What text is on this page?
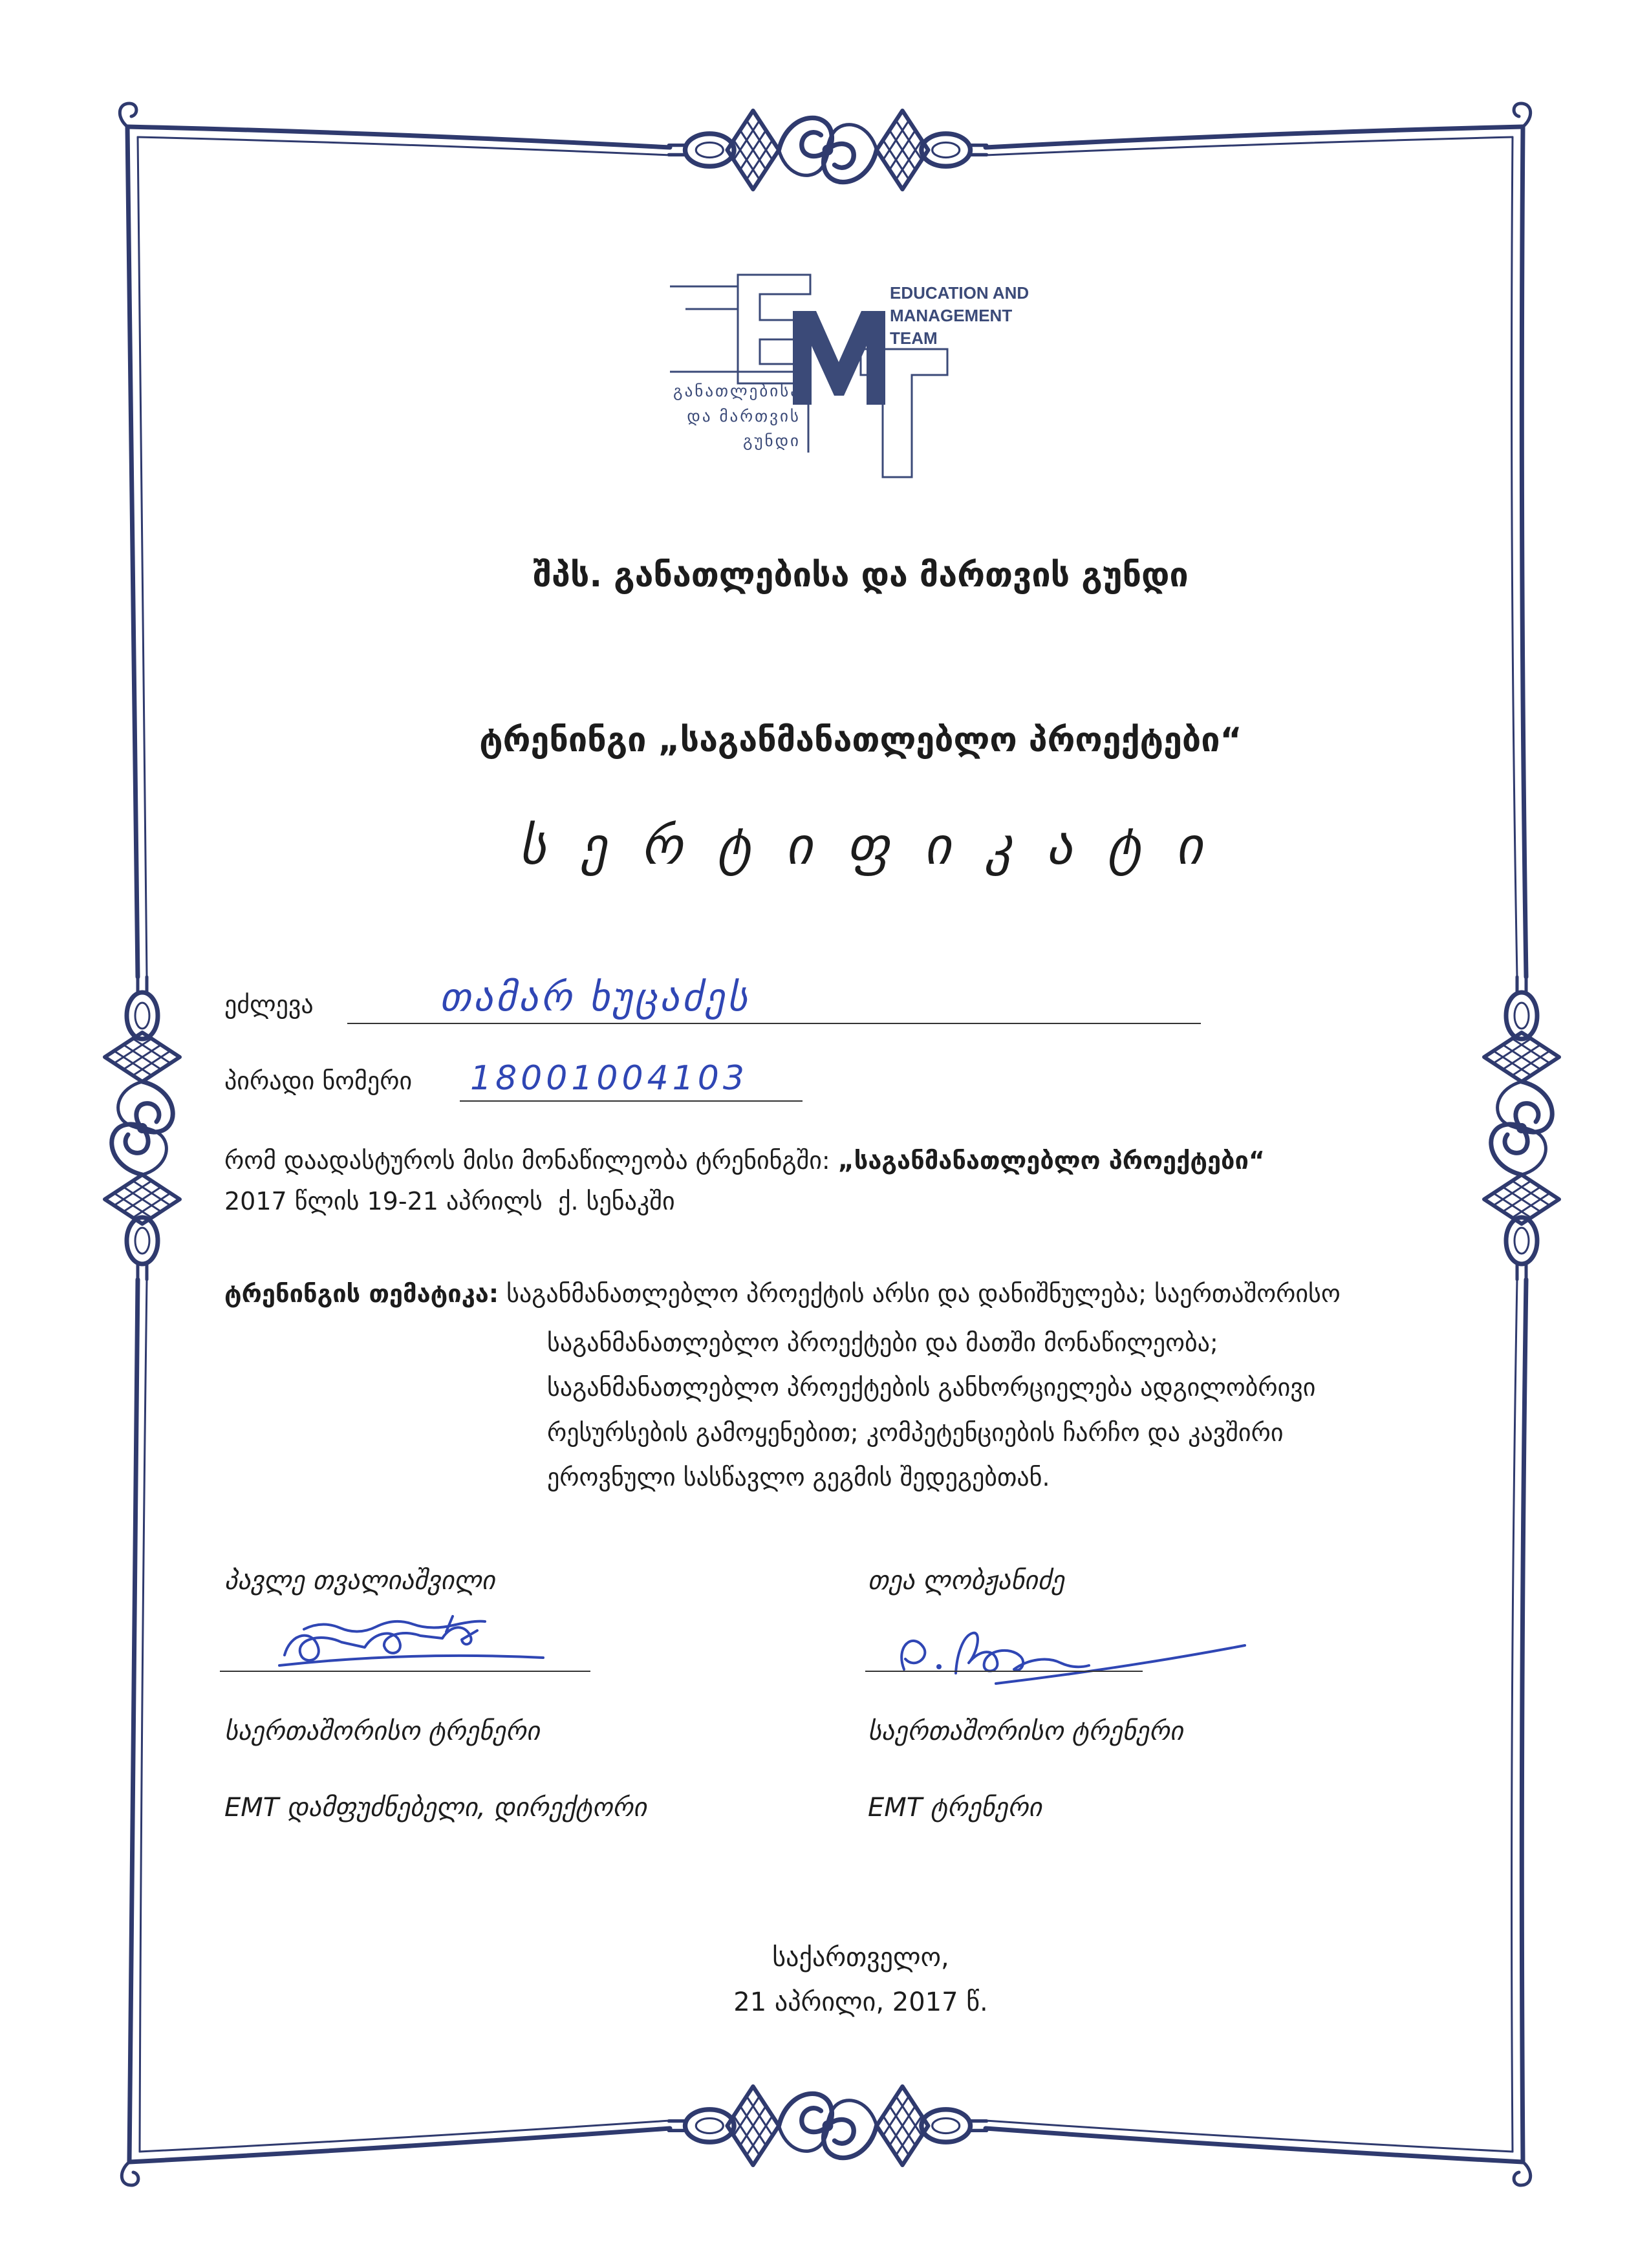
EDUCATION AND
MANAGEMENT
TEAM
განათლებისა
და მართვის
გუნდი
შპს. განათლებისა და მართვის გუნდი
ტრენინგი „საგანმანათლებლო პროექტები“
ს ე რ ტ ი ფ ი კ ა ტ ი
ეძლევა	თამარ ხუცაძეს
პირადი ნომერი 18001004103
რომ დაადასტუროს მისი მონაწილეობა ტრენინგში: „საგანმანათლებლო პროექტები“
2017 წლის 19-21 აპრილს  ქ. სენაკში
ტრენინგის თემატიკა: საგანმანათლებლო პროექტის არსი და დანიშნულება; საერთაშორისო
საგანმანათლებლო პროექტები და მათში მონაწილეობა;
საგანმანათლებლო პროექტების განხორციელება ადგილობრივი
რესურსების გამოყენებით; კომპეტენციების ჩარჩო და კავშირი
ეროვნული სასწავლო გეგმის შედეგებთან.
პავლე თვალიაშვილი
საერთაშორისო ტრენერი
EMT დამფუძნებელი, დირექტორი
თეა ლობჟანიძე
საერთაშორისო ტრენერი
EMT ტრენერი
საქართველო,
21 აპრილი, 2017 წ.
